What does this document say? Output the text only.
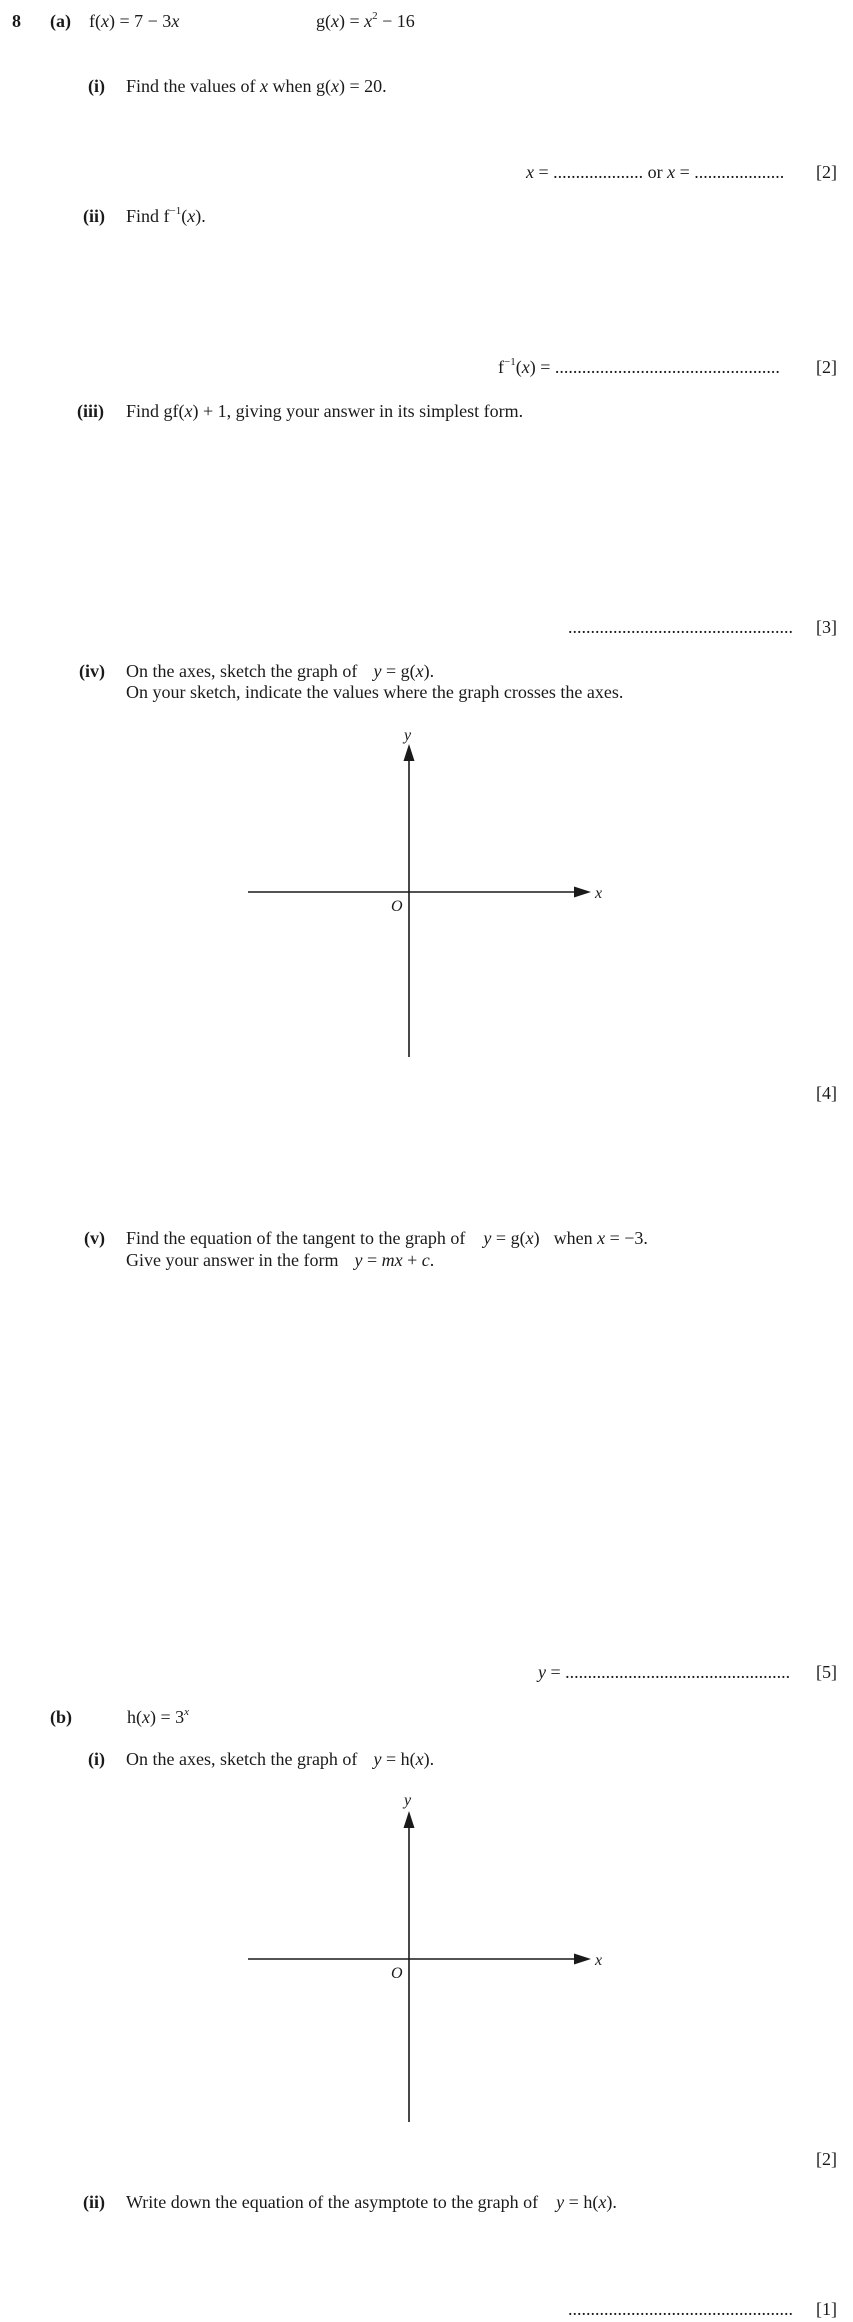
8 (a) f(x) = 7 − 3x	$g(x) = x^2 - 16$
(i) Find the values of x when g(x) = 20.
x = .................... or x = .................... [2]
(ii) Find $f^{-1}(x)$.
$f^{-1}(x)$ = .................................................. [2]
(iii) Find gf(x) + 1, giving your answer in its simplest form.
.................................................. [3]
(iv) On the axes, sketch the graph of y = g(x).
On your sketch, indicate the values where the graph crosses the axes.
y
x
O
[4]
(v) Find the equation of the tangent to the graph of y = g(x) when x = −3.
Give your answer in the form y = mx + c.
y = .................................................. [5]
(b)	$h(x) = 3^x$
(i) On the axes, sketch the graph of y = h(x).
y
x
O
[2]
(ii) Write down the equation of the asymptote to the graph of y = h(x).
.................................................. [1]
